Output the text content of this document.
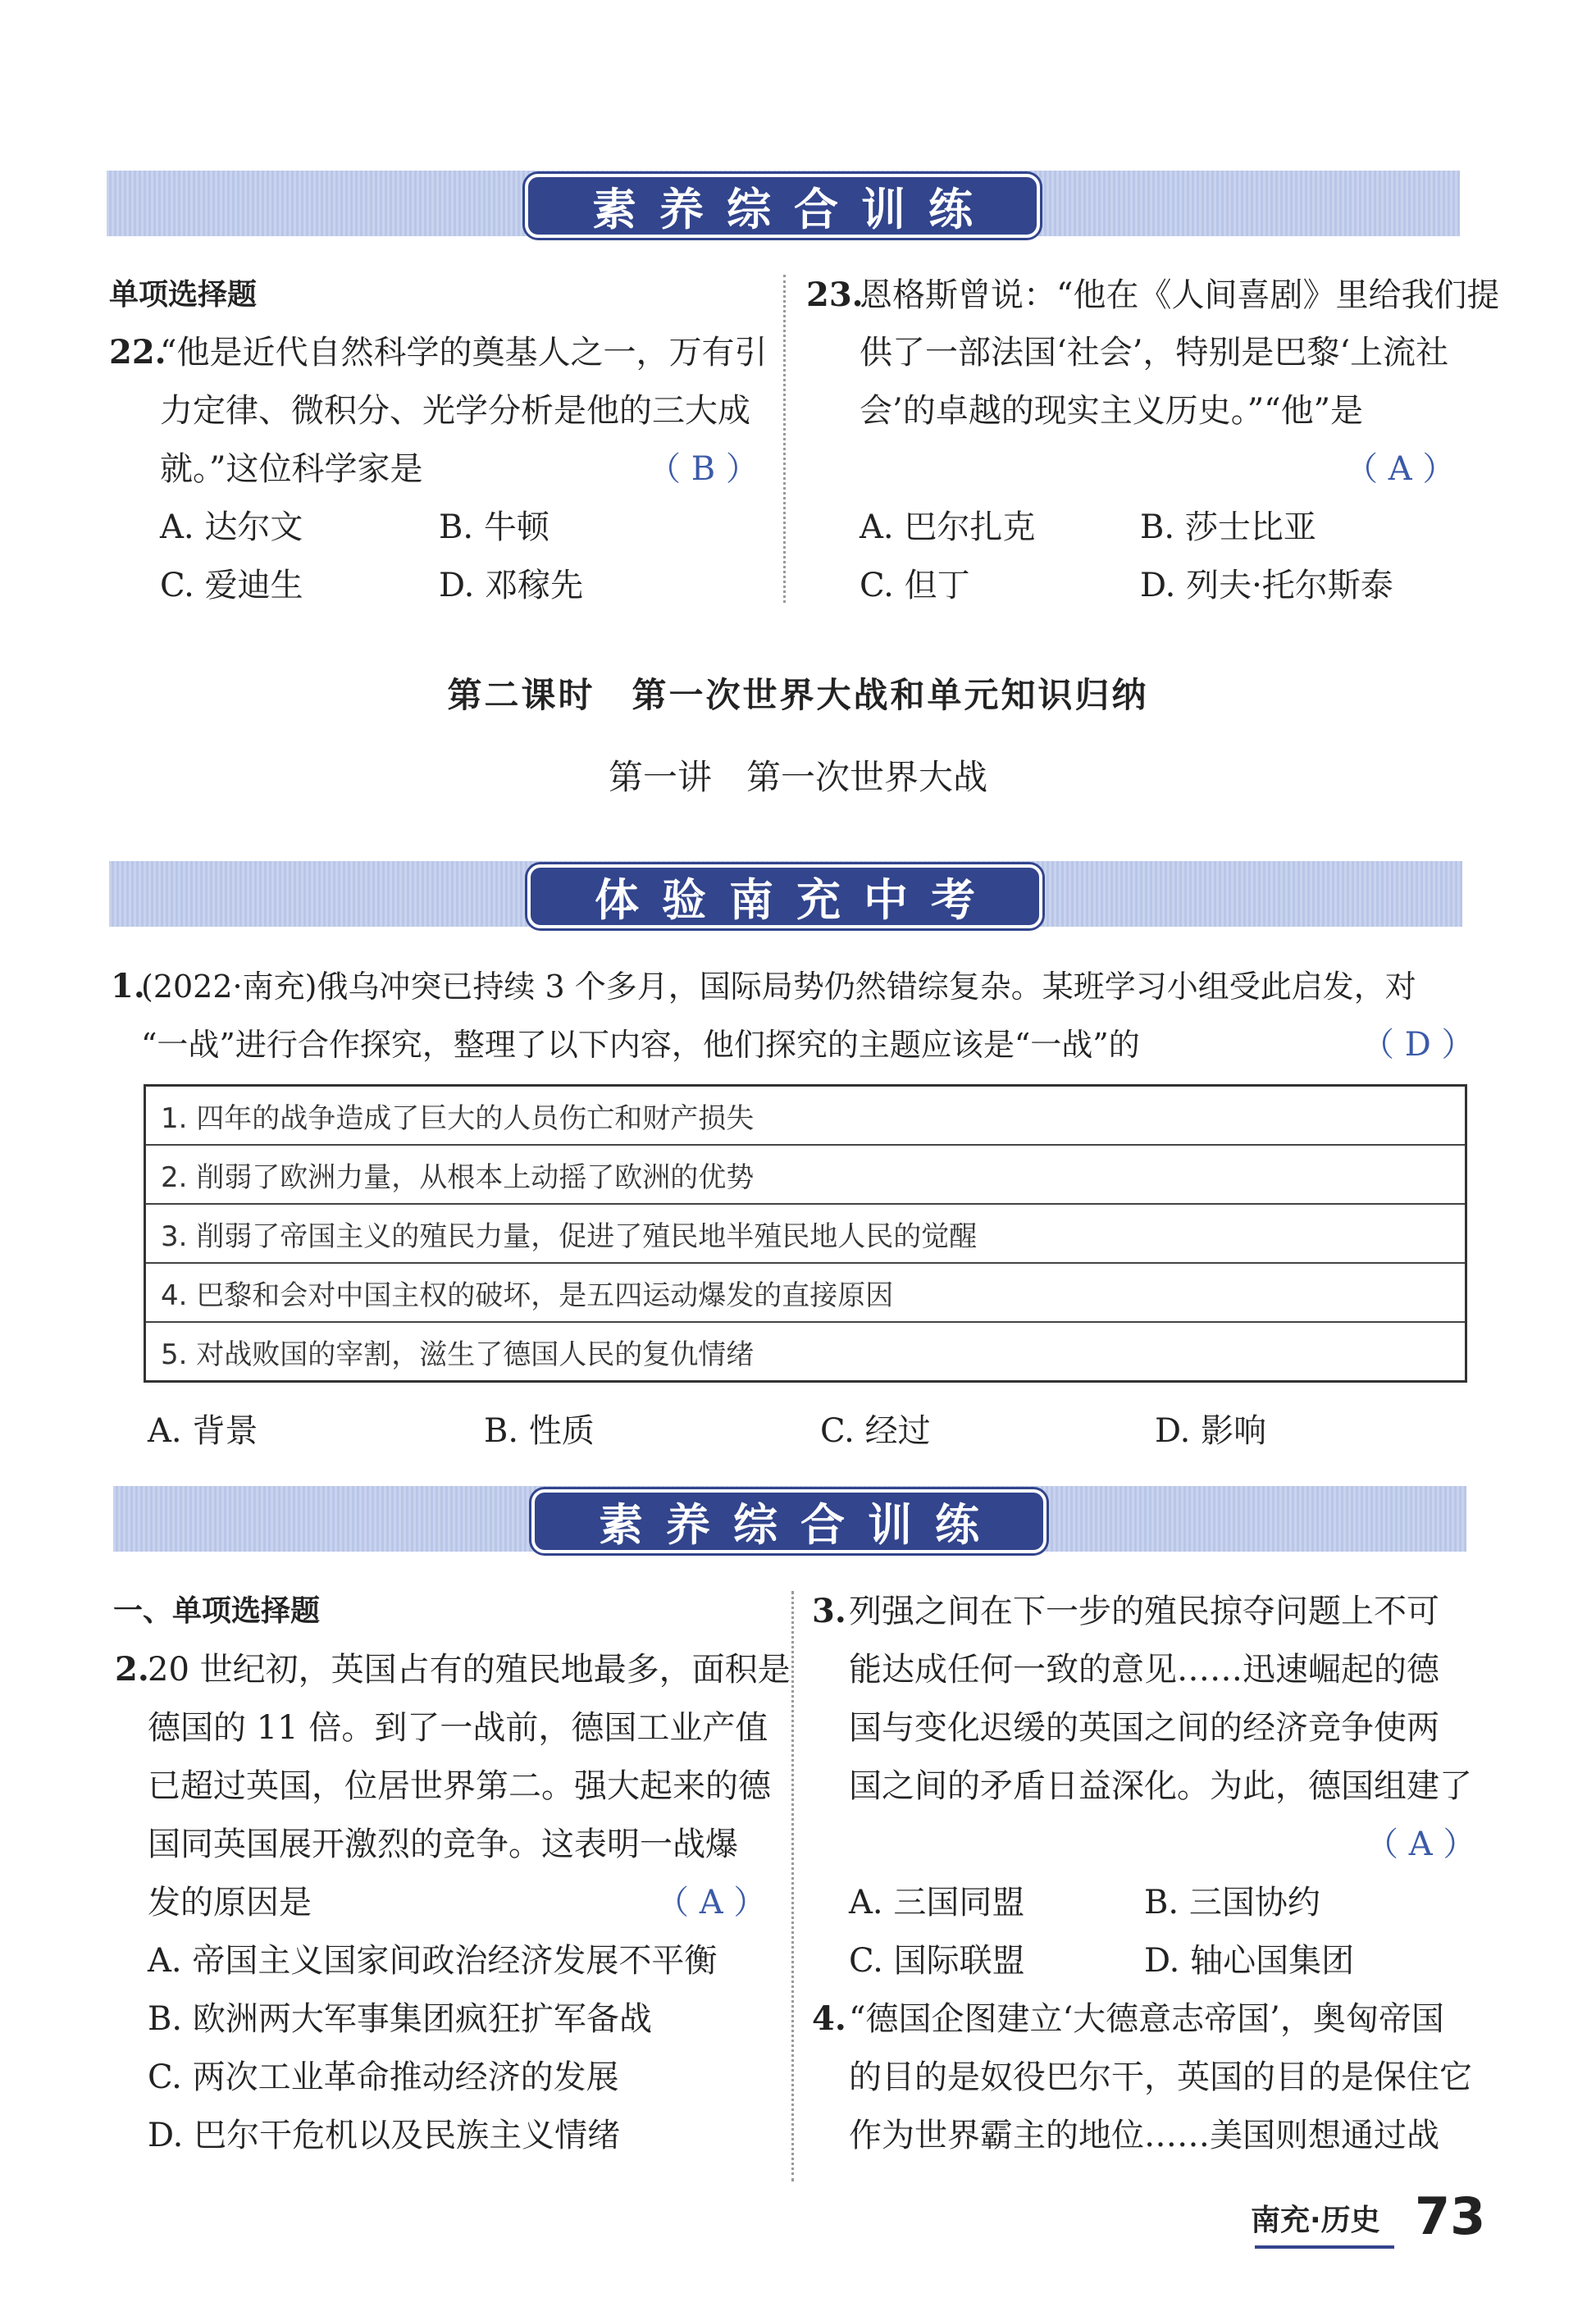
素养综合训练
单项选择题
22.
“他是近代自然科学的奠基人之一，万有引
力定律、微积分、光学分析是他的三大成
就。”这位科学家是	（ B ）
A. 达尔文	B. 牛顿
C. 爱迪生	D. 邓稼先
23.
恩格斯曾说：“他在《人间喜剧》里给我们提
供了一部法国‘社会’，特别是巴黎‘上流社
会’的卓越的现实主义历史。”“他”是
（ A ）
A. 巴尔扎克	B. 莎士比亚
C. 但丁	D. 列夫·托尔斯泰
第二课时　第一次世界大战和单元知识归纳
第一讲　第一次世界大战
体验南充中考
1.
(2022·南充)俄乌冲突已持续 3 个多月，国际局势仍然错综复杂。某班学习小组受此启发，对
“一战”进行合作探究，整理了以下内容，他们探究的主题应该是“一战”的	（ D ）
1. 四年的战争造成了巨大的人员伤亡和财产损失
2. 削弱了欧洲力量，从根本上动摇了欧洲的优势
3. 削弱了帝国主义的殖民力量，促进了殖民地半殖民地人民的觉醒
4. 巴黎和会对中国主权的破坏，是五四运动爆发的直接原因
5. 对战败国的宰割，滋生了德国人民的复仇情绪
A. 背景	B. 性质	C. 经过	D. 影响
素养综合训练
一、单项选择题
2.
20 世纪初，英国占有的殖民地最多，面积是
德国的 11 倍。到了一战前，德国工业产值
已超过英国，位居世界第二。强大起来的德
国同英国展开激烈的竞争。这表明一战爆
发的原因是	（ A ）
A. 帝国主义国家间政治经济发展不平衡
B. 欧洲两大军事集团疯狂扩军备战
C. 两次工业革命推动经济的发展
D. 巴尔干危机以及民族主义情绪
3. 列强之间在下一步的殖民掠夺问题上不可
能达成任何一致的意见……迅速崛起的德
国与变化迟缓的英国之间的经济竞争使两
国之间的矛盾日益深化。为此，德国组建了
（ A ）
A. 三国同盟	B. 三国协约
C. 国际联盟	D. 轴心国集团
4. “德国企图建立‘大德意志帝国’，奥匈帝国
的目的是奴役巴尔干，英国的目的是保住它
作为世界霸主的地位……美国则想通过战
南充·历史 73
